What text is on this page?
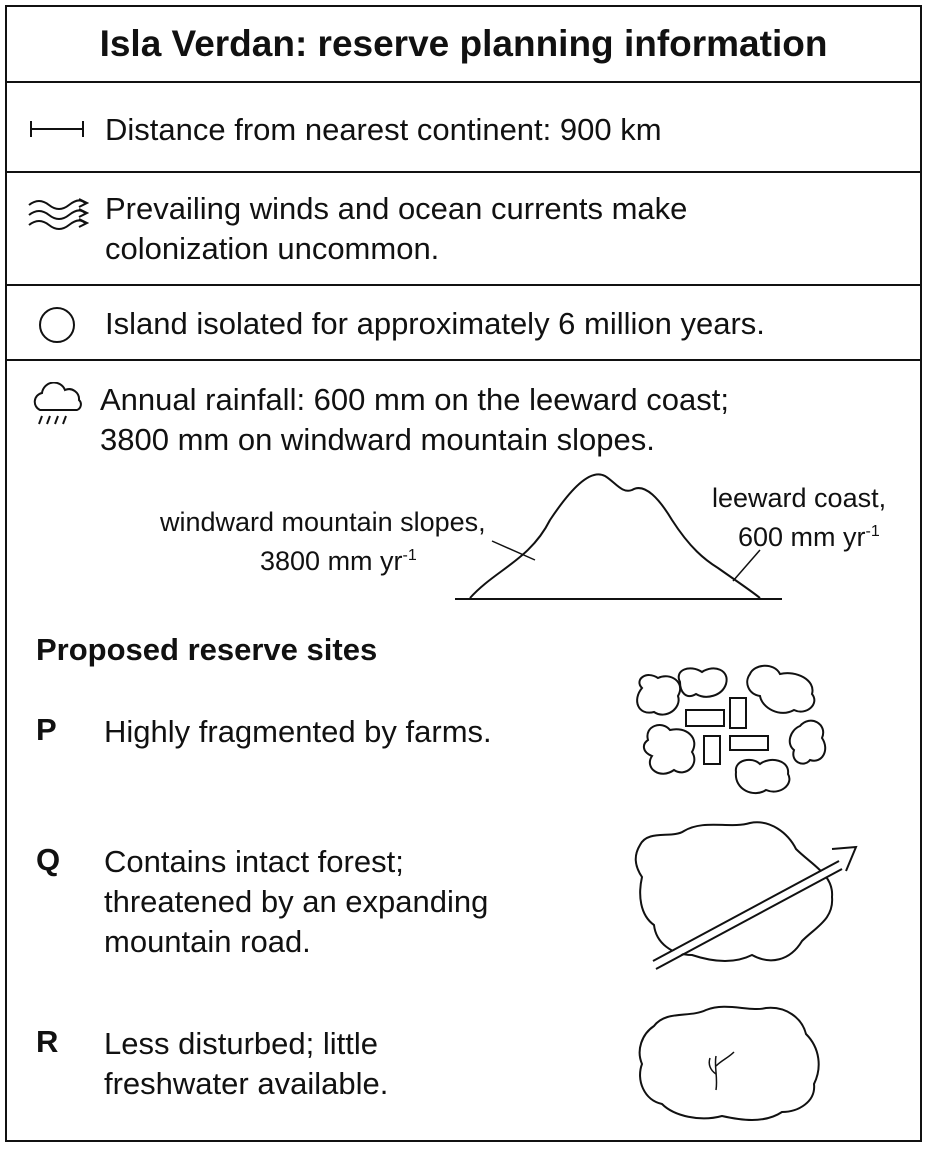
Isla Verdan: reserve planning information
Distance from nearest continent: 900 km
Prevailing winds and ocean currents make
colonization uncommon.
Island isolated for approximately 6 million years.
Annual rainfall: 600 mm on the leeward coast;
3800 mm on windward mountain slopes.
windward mountain slopes,
3800 mm $yr^{-1}$
leeward coast,
600 mm $yr^{-1}$
Proposed reserve sites
P Highly fragmented by farms.
Q Contains intact forest;
threatened by an expanding
mountain road.
R Less disturbed; little
freshwater available.
